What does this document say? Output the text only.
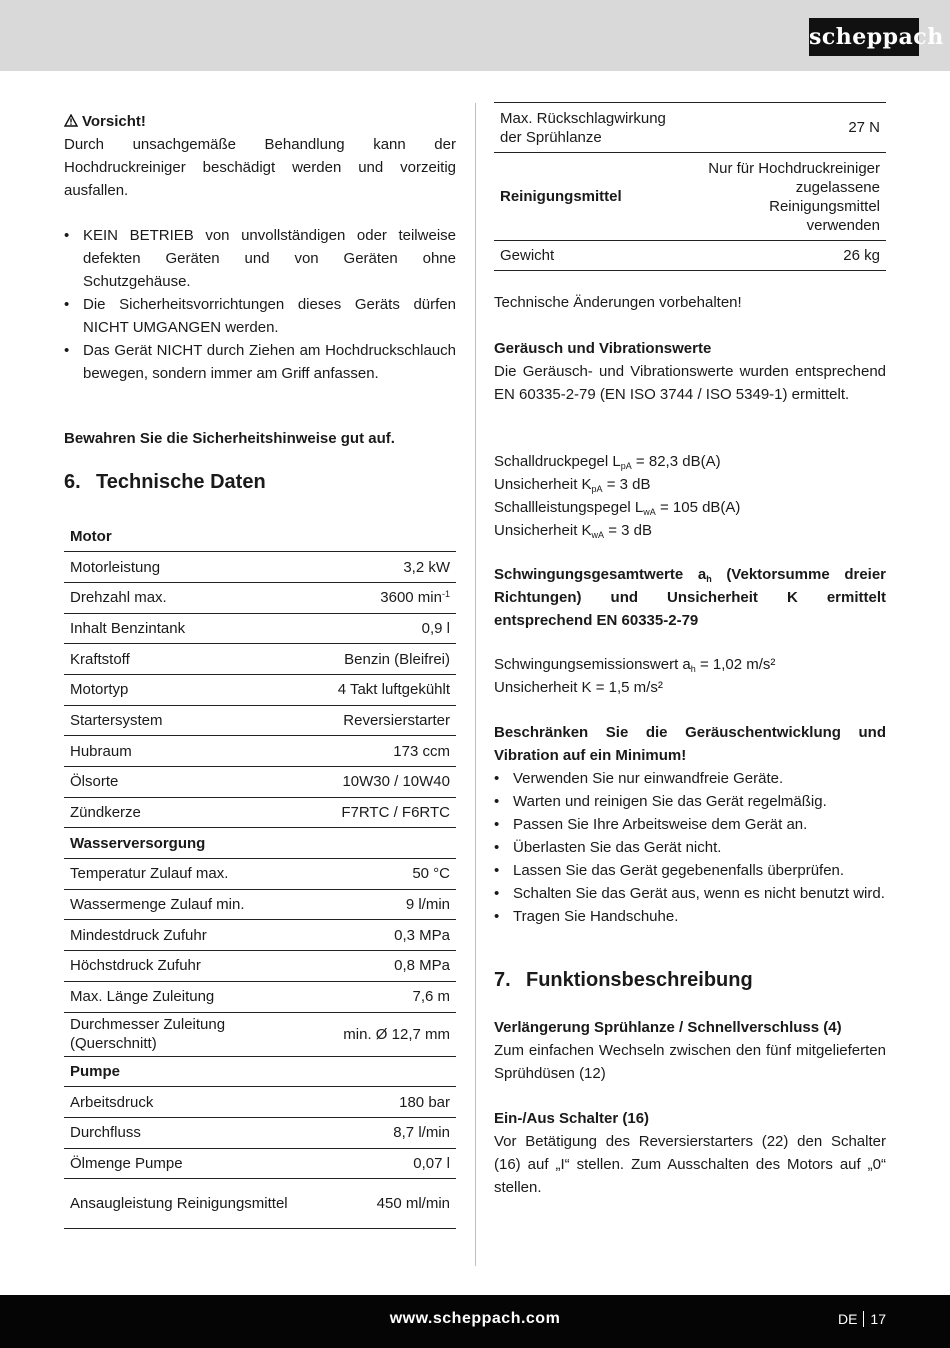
scheppach

Vorsicht!

Durch unsachgemäße Behandlung kann der Hochdruckreiniger beschädigt werden und vorzeitig ausfallen.

• KEIN BETRIEB von unvollständigen oder teilweise defekten Geräten und von Geräten ohne Schutzgehäuse.
• Die Sicherheitsvorrichtungen dieses Geräts dürfen NICHT UMGANGEN werden.
• Das Gerät NICHT durch Ziehen am Hochdruckschlauch bewegen, sondern immer am Griff anfassen.

Bewahren Sie die Sicherheitshinweise gut auf.

6. Technische Daten
Motor	
Motorleistung	3,2 kW
Drehzahl max.	3600 $\min^{-1}$
Inhalt Benzintank	0,9 l
Kraftstoff	Benzin (Bleifrei)
Motortyp	4 Takt luftgekühlt
Startersystem	Reversierstarter
Hubraum	173 ccm
Ölsorte	10W30 / 10W40
Zündkerze	F7RTC / F6RTC
Wasserversorgung	
Temperatur Zulauf max.	50 °C
Wassermenge Zulauf min.	9 l/min
Mindestdruck Zufuhr	0,3 MPa
Höchstdruck Zufuhr	0,8 MPa
Max. Länge Zuleitung	7,6 m
Durchmesser Zuleitung (Querschnitt)	min. Ø 12,7 mm
Pumpe	
Arbeitsdruck	180 bar
Durchfluss	8,7 l/min
Ölmenge Pumpe	0,07 l
Ansaugleistung Reinigungsmittel	450 ml/min
Max. Rückschlagwirkung der Sprühlanze	27 N
Reinigungsmittel	Nur für Hochdruckreiniger zugelassene Reinigungsmittel verwenden
Gewicht	26 kg

Technische Änderungen vorbehalten!

Geräusch und Vibrationswerte

Die Geräusch- und Vibrationswerte wurden entsprechend EN 60335-2-79 (EN ISO 3744 / ISO 5349-1) ermittelt.

Schalldruckpegel $L_{pA} = 82,3$ dB(A)

Unsicherheit $K_{pA} = 3$ dB

Schallleistungspegel $L_{wA} = 105$ dB(A)

Unsicherheit $K_{wA} = 3$ dB

Schwingungsgesamtwerte $a_h$ (Vektorsumme dreier Richtungen) und Unsicherheit K ermittelt entsprechend EN 60335-2-79

Schwingungsemissionswert $a_h = 1,02$ m/s²

Unsicherheit K = 1,5 m/s²

Beschränken Sie die Geräuschentwicklung und Vibration auf ein Minimum!

• Verwenden Sie nur einwandfreie Geräte.
• Warten und reinigen Sie das Gerät regelmäßig.
• Passen Sie Ihre Arbeitsweise dem Gerät an.
• Überlasten Sie das Gerät nicht.
• Lassen Sie das Gerät gegebenenfalls überprüfen.
• Schalten Sie das Gerät aus, wenn es nicht benutzt wird.
• Tragen Sie Handschuhe.
7. Funktionsbeschreibung

Verlängerung Sprühlanze / Schnellverschluss (4)

Zum einfachen Wechseln zwischen den fünf mitgelieferten Sprühdüsen (12)

Ein-/Aus Schalter (16)

Vor Betätigung des Reversierstarters (22) den Schalter (16) auf „I“ stellen. Zum Ausschalten des Motors auf „0“ stellen.

www.scheppach.com	DE 17
